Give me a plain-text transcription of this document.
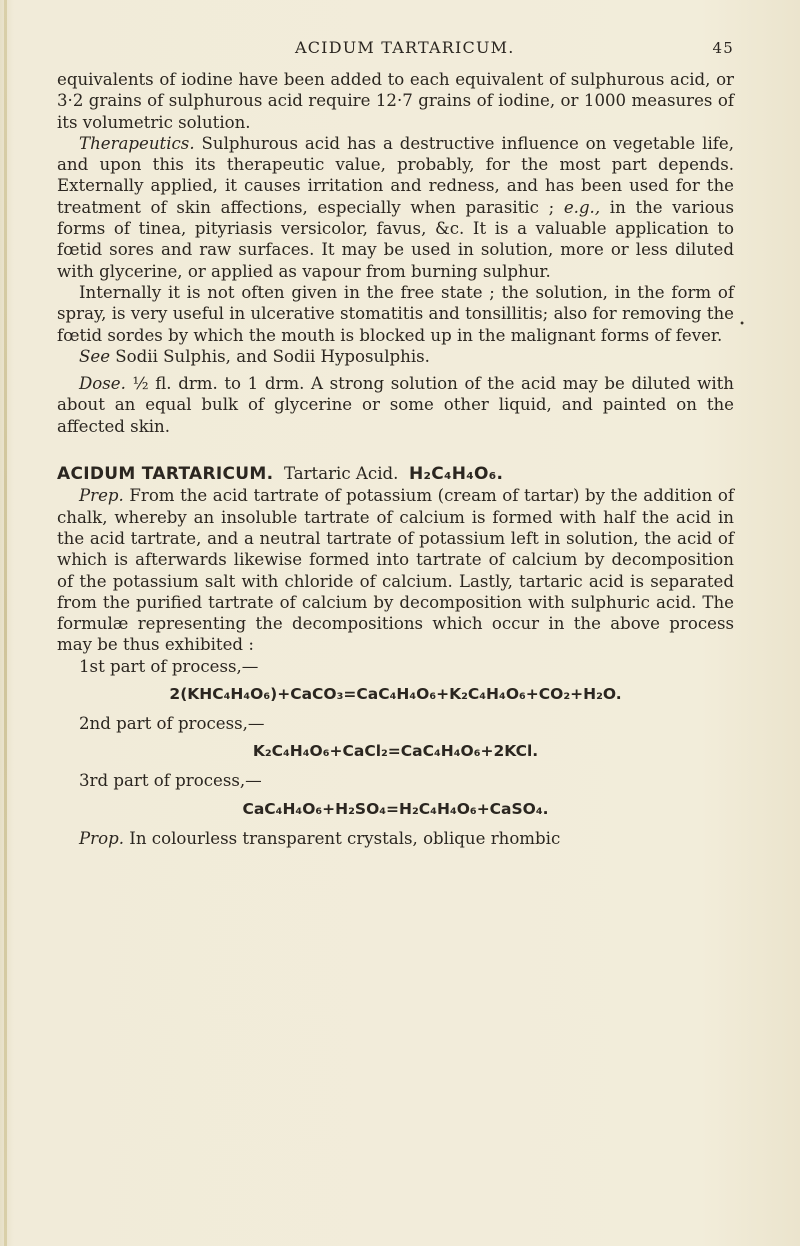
•
ACIDUM TARTARICUM.	45

equivalents of iodine have been added to each equivalent of sulphurous acid, or 3·2 grains of sulphurous acid require 12·7 grains of iodine, or 1000 measures of its volumetric solution.

Therapeutics. Sulphurous acid has a destructive influence on vegetable life, and upon this its therapeutic value, probably, for the most part depends. Externally applied, it causes irritation and redness, and has been used for the treatment of skin affections, especially when parasitic ; e.g., in the various forms of tinea, pityriasis versicolor, favus, &c. It is a valuable application to fœtid sores and raw surfaces. It may be used in solution, more or less diluted with glycerine, or applied as vapour from burning sulphur.

Internally it is not often given in the free state ; the solution, in the form of spray, is very useful in ulcerative stomatitis and tonsillitis; also for removing the fœtid sordes by which the mouth is blocked up in the malignant forms of fever.

See Sodii Sulphis, and Sodii Hyposulphis.

Dose. ½ fl. drm. to 1 drm. A strong solution of the acid may be diluted with about an equal bulk of glycerine or some other liquid, and painted on the affected skin.

ACIDUM TARTARICUM. Tartaric Acid. H₂C₄H₄O₆.

Prep. From the acid tartrate of potassium (cream of tartar) by the addition of chalk, whereby an insoluble tartrate of calcium is formed with half the acid in the acid tartrate, and a neutral tartrate of potassium left in solution, the acid of which is afterwards likewise formed into tartrate of calcium by decomposition of the potassium salt with chloride of calcium. Lastly, tartaric acid is separated from the purified tartrate of calcium by decomposition with sulphuric acid. The formulæ representing the decompositions which occur in the above process may be thus exhibited :

1st part of process,—

2(KHC₄H₄O₆)+CaCO₃=CaC₄H₄O₆+K₂C₄H₄O₆+CO₂+H₂O.

2nd part of process,—

K₂C₄H₄O₆+CaCl₂=CaC₄H₄O₆+2KCl.

3rd part of process,—

CaC₄H₄O₆+H₂SO₄=H₂C₄H₄O₆+CaSO₄.

Prop. In colourless transparent crystals, oblique rhombic
